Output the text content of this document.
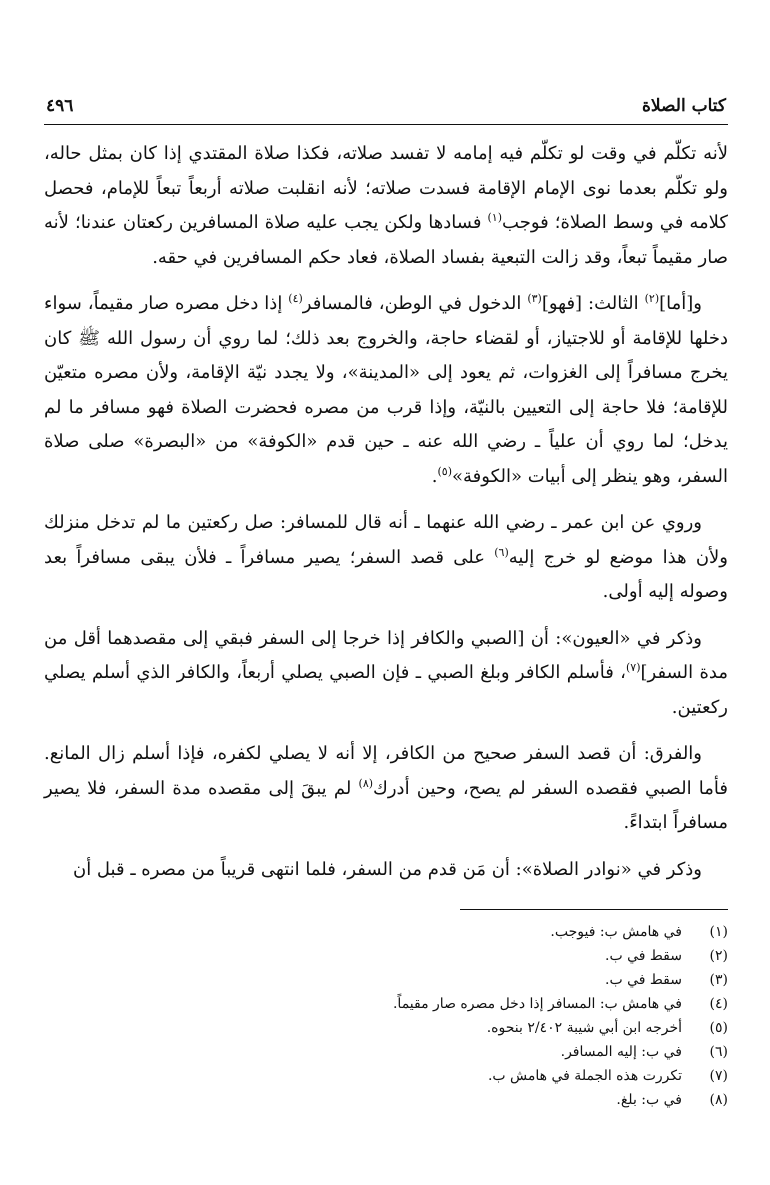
كتاب الصلاة
٤٩٦

لأنه تكلّم في وقت لو تكلّم فيه إمامه لا تفسد صلاته، فكذا صلاة المقتدي إذا كان بمثل حاله، ولو تكلّم بعدما نوى الإمام الإقامة فسدت صلاته؛ لأنه انقلبت صلاته أربعاً تبعاً للإمام، فحصل كلامه في وسط الصلاة؛ فوجب$^{(١)}$ فسادها ولكن يجب عليه صلاة المسافرين ركعتان عندنا؛ لأنه صار مقيماً تبعاً، وقد زالت التبعية بفساد الصلاة، فعاد حكم المسافرين في حقه.

و[أما]$^{(٢)}$ الثالث: [فهو]$^{(٣)}$ الدخول في الوطن، فالمسافر$^{(٤)}$ إذا دخل مصره صار مقيماً، سواء دخلها للإقامة أو للاجتياز، أو لقضاء حاجة، والخروج بعد ذلك؛ لما روي أن رسول الله ﷺ كان يخرج مسافراً إلى الغزوات، ثم يعود إلى «المدينة»، ولا يجدد نيّة الإقامة، ولأن مصره متعيّن للإقامة؛ فلا حاجة إلى التعيين بالنيّة، وإذا قرب من مصره فحضرت الصلاة فهو مسافر ما لم يدخل؛ لما روي أن علياً ـ رضي الله عنه ـ حين قدم «الكوفة» من «البصرة» صلى صلاة السفر، وهو ينظر إلى أبيات «الكوفة»$^{(٥)}$.

وروي عن ابن عمر ـ رضي الله عنهما ـ أنه قال للمسافر: صل ركعتين ما لم تدخل منزلك ولأن هذا موضع لو خرج إليه$^{(٦)}$ على قصد السفر؛ يصير مسافراً ـ فلأن يبقى مسافراً بعد وصوله إليه أولى.

وذكر في «العيون»: أن [الصبي والكافر إذا خرجا إلى السفر فبقي إلى مقصدهما أقل من مدة السفر]$^{(٧)}$، فأسلم الكافر وبلغ الصبي ـ فإن الصبي يصلي أربعاً، والكافر الذي أسلم يصلي ركعتين.

والفرق: أن قصد السفر صحيح من الكافر، إلا أنه لا يصلي لكفره، فإذا أسلم زال المانع. فأما الصبي فقصده السفر لم يصح، وحين أدرك$^{(٨)}$ لم يبقَ إلى مقصده مدة السفر، فلا يصير مسافراً ابتداءً.

وذكر في «نوادر الصلاة»: أن مَن قدم من السفر، فلما انتهى قريباً من مصره ـ قبل أن

(١)
في هامش ب: فيوجب.
(٢)
سقط في ب.
(٣)
سقط في ب.
(٤)
في هامش ب: المسافر إذا دخل مصره صار مقيماً.
(٥)
أخرجه ابن أبي شيبة ٢/٤٠٢ بنحوه.
(٦)
في ب: إليه المسافر.
(٧)
تكررت هذه الجملة في هامش ب.
(٨)
في ب: بلغ.
